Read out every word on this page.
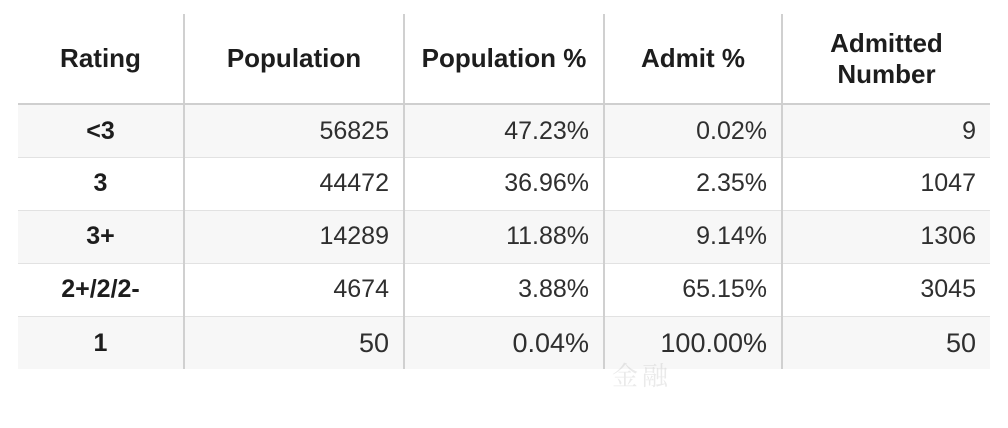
Rating	Population	Population %	Admit %	Admitted Number
<3	56825	47.23%	0.02%	9
3	44472	36.96%	2.35%	1047
3+	14289	11.88%	9.14%	1306
2+/2/2-	4674	3.88%	65.15%	3045
1	50	0.04%	100.00%	50
金融
